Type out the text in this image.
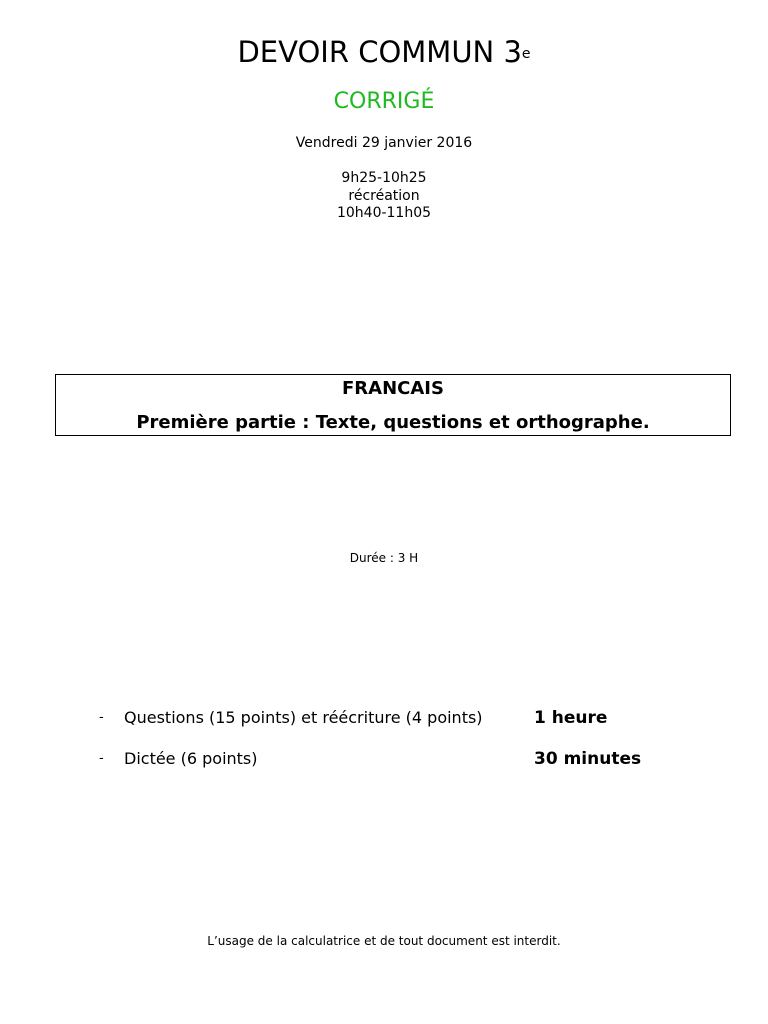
DEVOIR COMMUN 3e
CORRIGÉ
Vendredi 29 janvier 2016
9h25-10h25
récréation
10h40-11h05
FRANCAIS
Première partie : Texte, questions et orthographe.
Durée : 3 H
- Questions (15 points) et réécriture (4 points)	1 heure
- Dictée (6 points)	30 minutes
L’usage de la calculatrice et de tout document est interdit.
